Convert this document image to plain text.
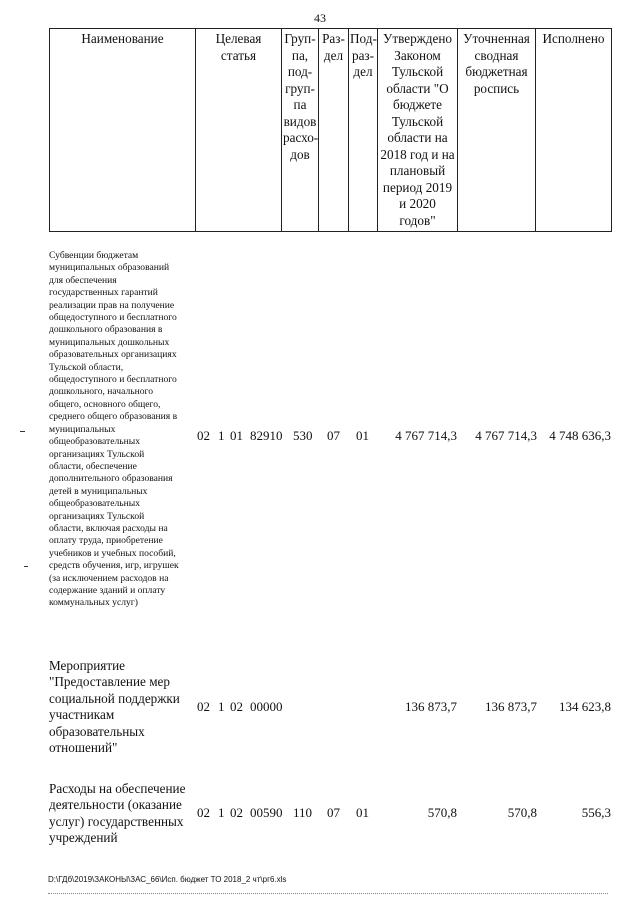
43
Наименование	Целевая статья	Груп-
па,
под-
груп-
па
видов
расхо-
дов	Раз-
дел	Под-
раз-
дел	Утверждено
Законом
Тульской
области "О
бюджете
Тульской
области на
2018 год и на
плановый
период 2019
и 2020
годов"	Уточненная
сводная
бюджетная
роспись	Исполнено
Субвенции бюджетам
муниципальных образований
для обеспечения
государственных гарантий
реализации прав на получение
общедоступного и бесплатного
дошкольного образования в
муниципальных дошкольных
образовательных организациях
Тульской области,
общедоступного и бесплатного
дошкольного, начального
общего, основного общего,
среднего общего образования в
муниципальных
общеобразовательных
организациях Тульской
области, обеспечение
дополнительного образования
детей в муниципальных
общеобразовательных
организациях Тульской
области, включая расходы на
оплату труда, приобретение
учебников и учебных пособий,
средств обучения, игр, игрушек
(за исключением расходов на
содержание зданий и оплату
коммунальных услуг)
02 1 01 82910 530 07 01	4 767 714,3	4 767 714,3 4 748 636,3
Мероприятие
"Предоставление мер
социальной поддержки
участникам
образовательных
отношений"
02 1 02 00000	136 873,7	136 873,7	134 623,8
Расходы на обеспечение
деятельности (оказание
услуг) государственных
учреждений
02 1 02 00590 110 07 01	570,8	570,8	556,3
D:\ГДб\2019\ЗАКОНЫ\ЗАС_66\Исп. бюджет ТО 2018_2 чт\рг6.xls
